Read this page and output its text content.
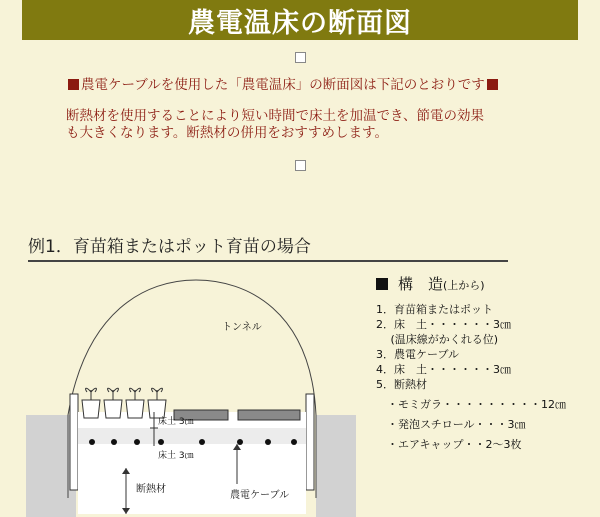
農電温床の断面図
農電ケーブルを使用した「農電温床」の断面図は下記のとおりです
断熱材を使用することにより短い時間で床土を加温でき、節電の効果
も大きくなります。断熱材の併用をおすすめします。
例1．育苗箱またはポット育苗の場合
トンネル
床土 3㎝
床土 3㎝
断熱材
農電ケーブル
構　造(上から)
1．育苗箱またはポット
2．床　土・・・・・・3㎝
　 (温床線がかくれる位)
3．農電ケーブル
4．床　土・・・・・・3㎝
5．断熱材
　・モミガラ・・・・・・・・・12㎝
　・発泡スチロール・・・3㎝
　・エアキャップ・・2～3枚
